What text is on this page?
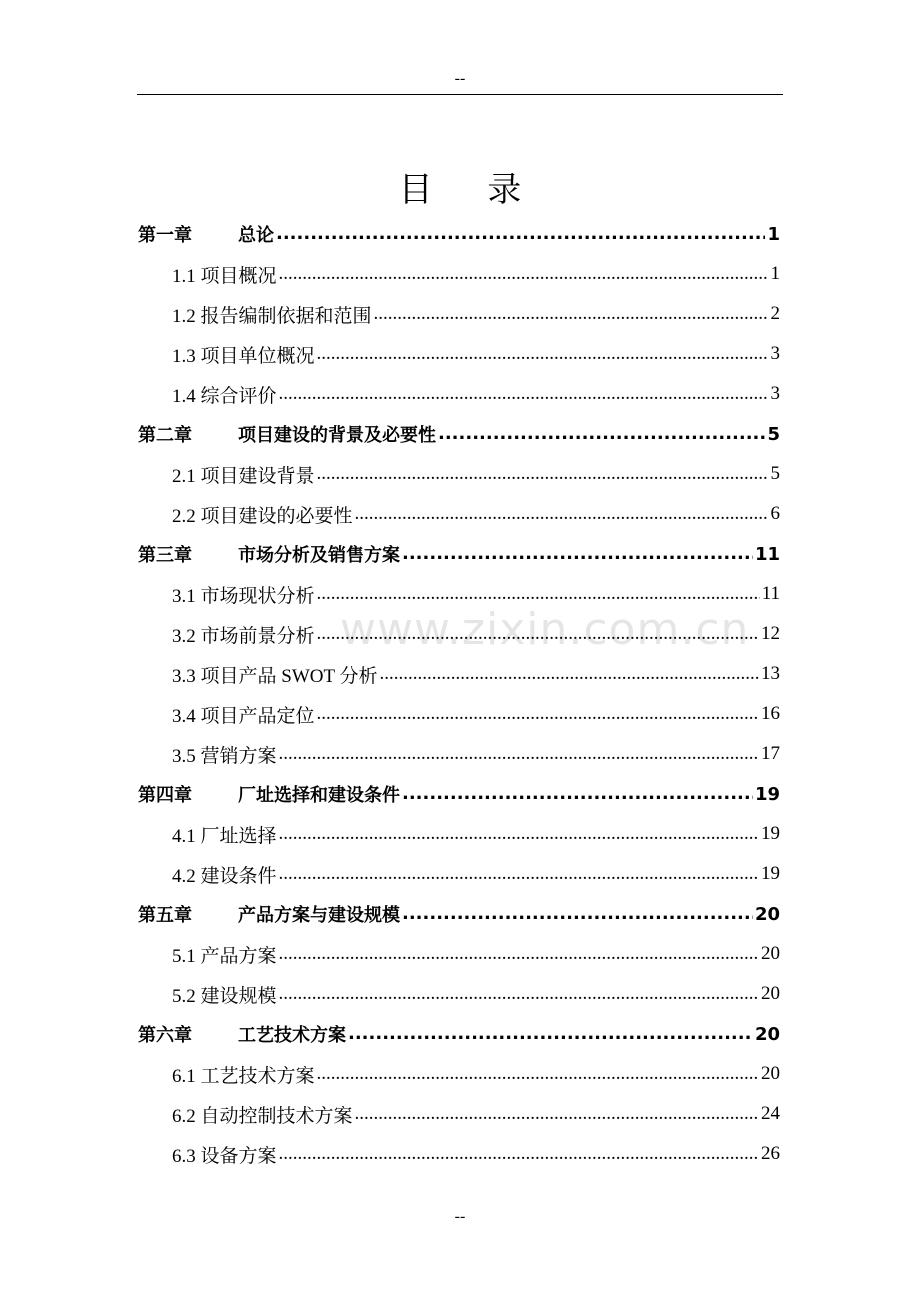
--
目 录
www.zixin.com.cn
第一章	总论 .....	1
1.1 项目概况 .....	1
1.2 报告编制依据和范围 .....	2
1.3 项目单位概况 .....	3
1.4 综合评价 .....	3
第二章	项目建设的背景及必要性 .....	5
2.1 项目建设背景 .....	5
2.2 项目建设的必要性 .....	6
第三章	市场分析及销售方案 .....	11
3.1 市场现状分析 .....	11
3.2 市场前景分析 .....	12
3.3 项目产品 SWOT 分析 .....	13
3.4 项目产品定位 .....	16
3.5 营销方案 .....	17
第四章	厂址选择和建设条件 .....	19
4.1 厂址选择 .....	19
4.2 建设条件 .....	19
第五章	产品方案与建设规模 .....	20
5.1 产品方案 .....	20
5.2 建设规模 .....	20
第六章	工艺技术方案 .....	20
6.1 工艺技术方案 .....	20
6.2 自动控制技术方案 .....	24
6.3 设备方案 .....	26
--
